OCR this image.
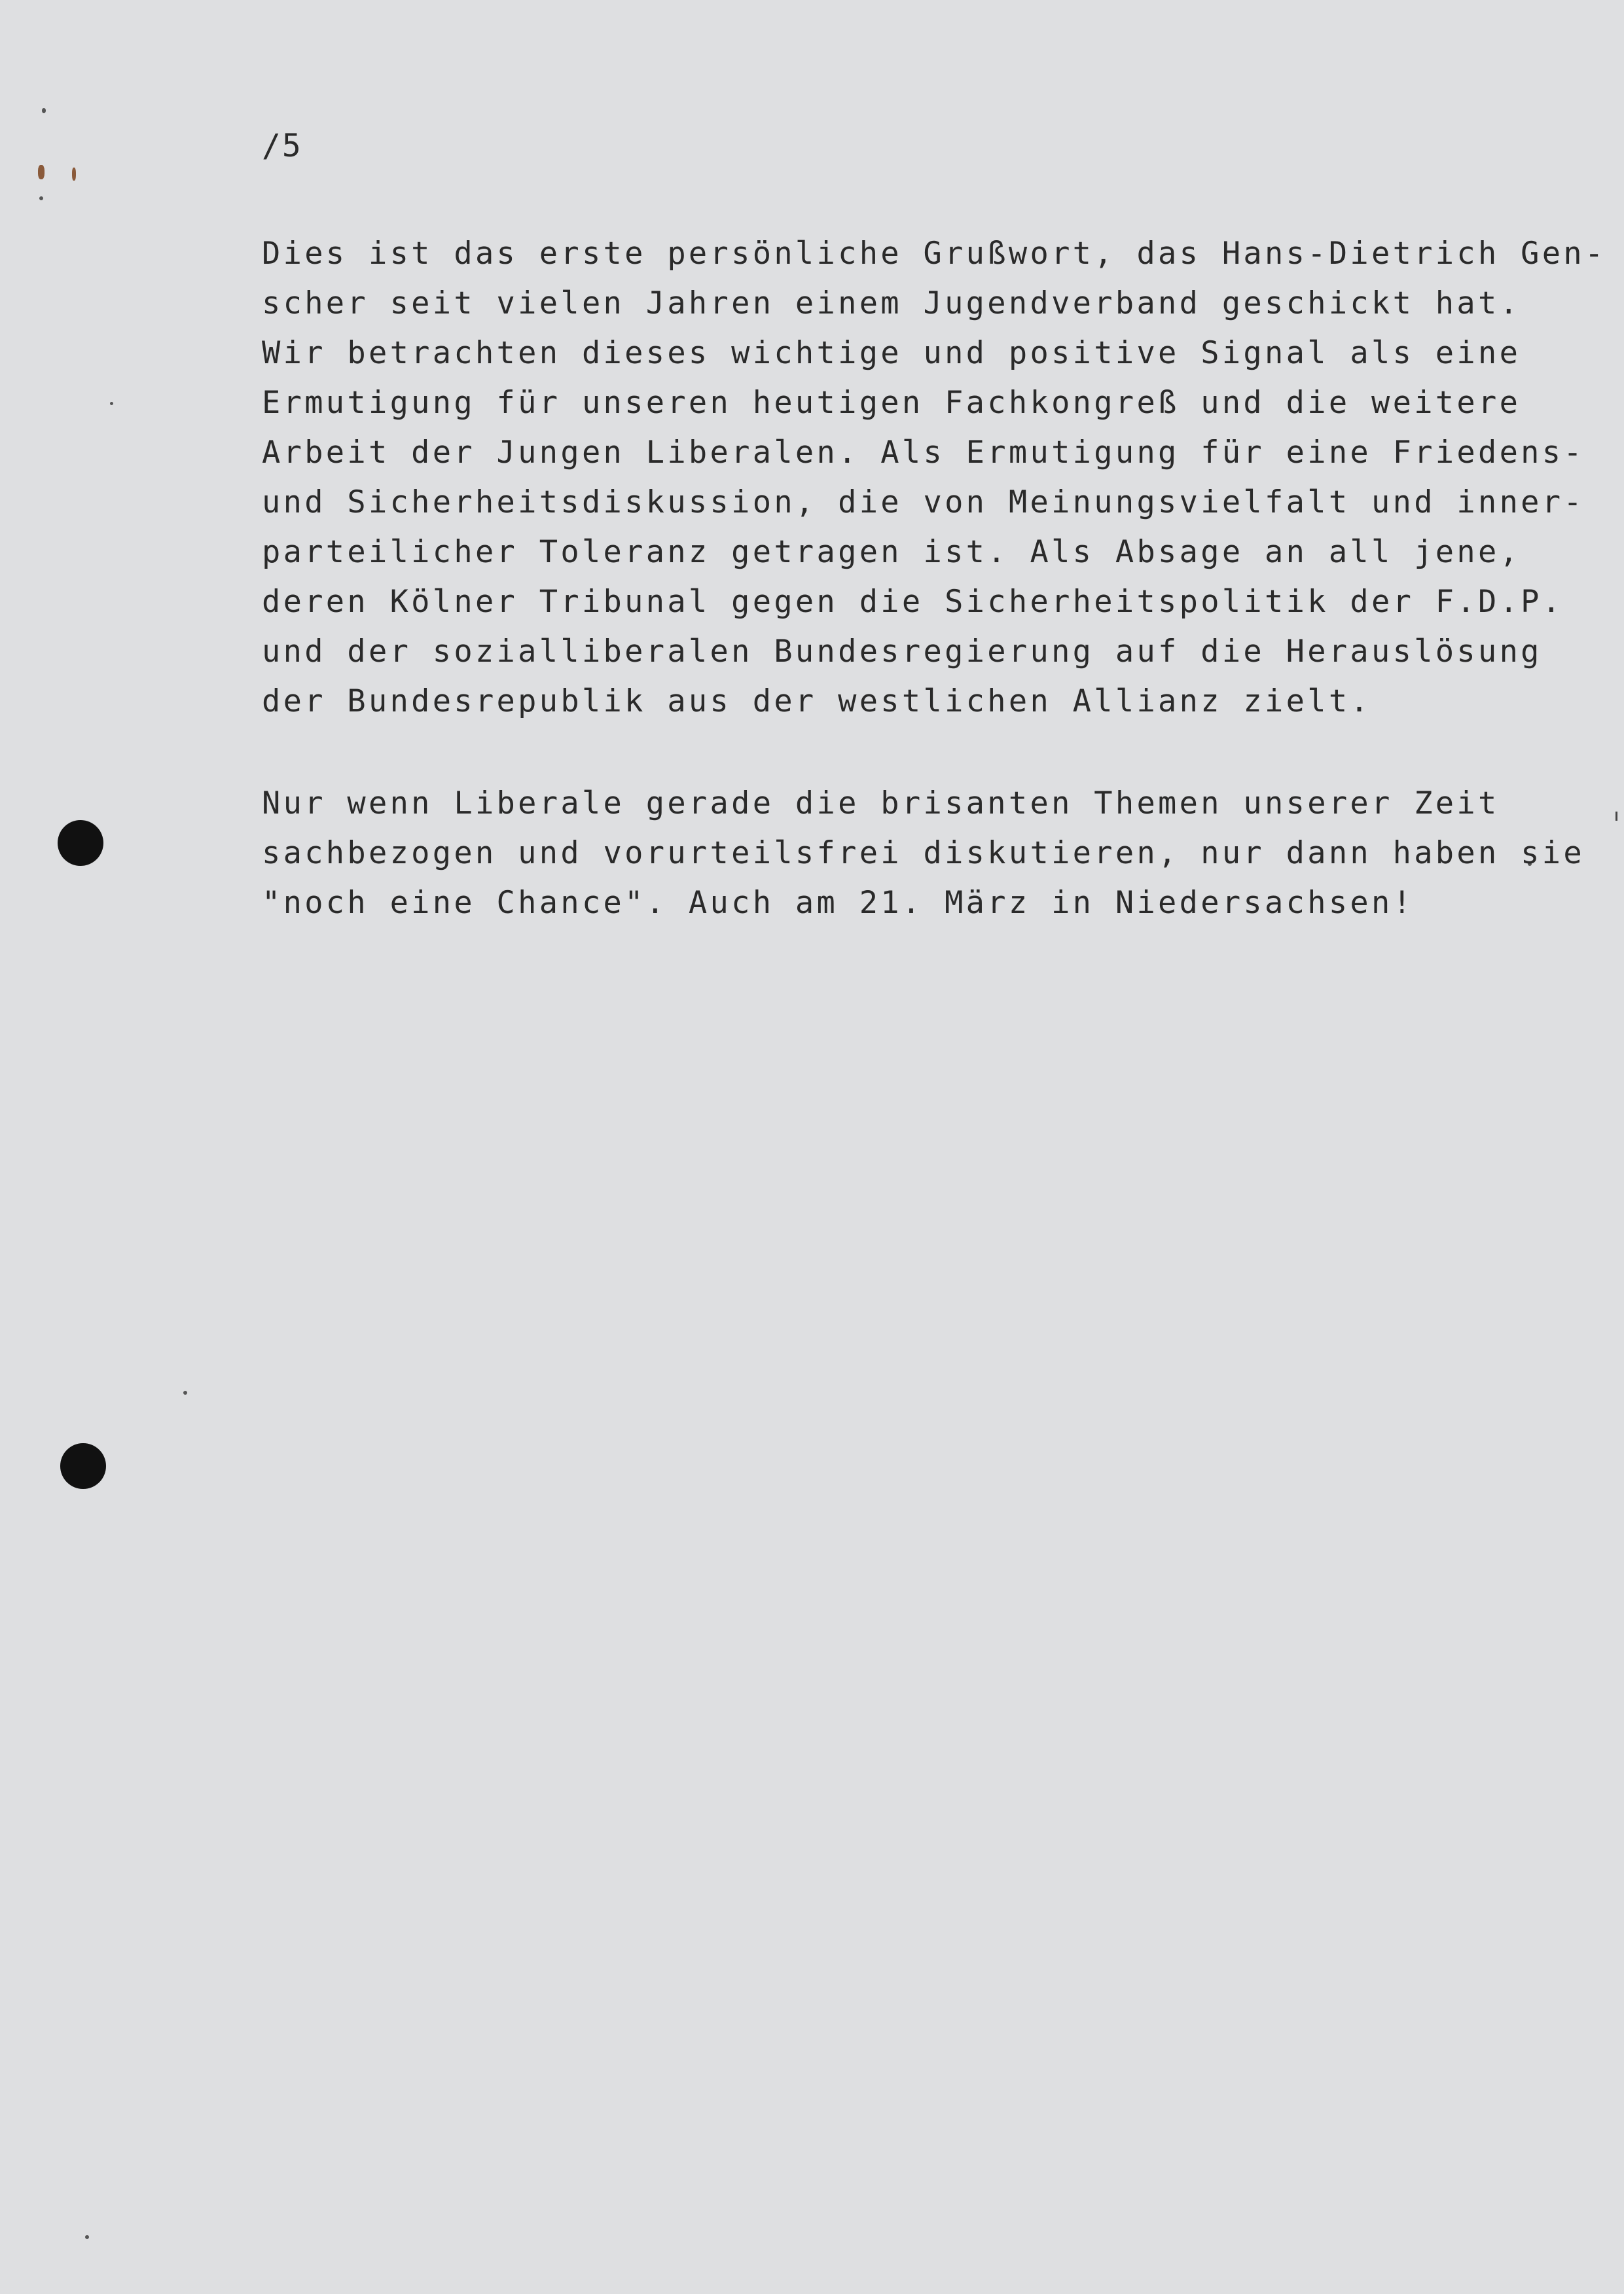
/5

Dies ist das erste persönliche Grußwort, das Hans-Dietrich Gen-
scher seit vielen Jahren einem Jugendverband geschickt hat.
Wir betrachten dieses wichtige und positive Signal als eine
Ermutigung für unseren heutigen Fachkongreß und die weitere
Arbeit der Jungen Liberalen. Als Ermutigung für eine Friedens-
und Sicherheitsdiskussion, die von Meinungsvielfalt und inner-
parteilicher Toleranz getragen ist. Als Absage an all jene,
deren Kölner Tribunal gegen die Sicherheitspolitik der F.D.P.
und der sozialliberalen Bundesregierung auf die Herauslösung
der Bundesrepublik aus der westlichen Allianz zielt.

Nur wenn Liberale gerade die brisanten Themen unserer Zeit
sachbezogen und vorurteilsfrei diskutieren, nur dann haben sie
"noch eine Chance". Auch am 21. März in Niedersachsen!
